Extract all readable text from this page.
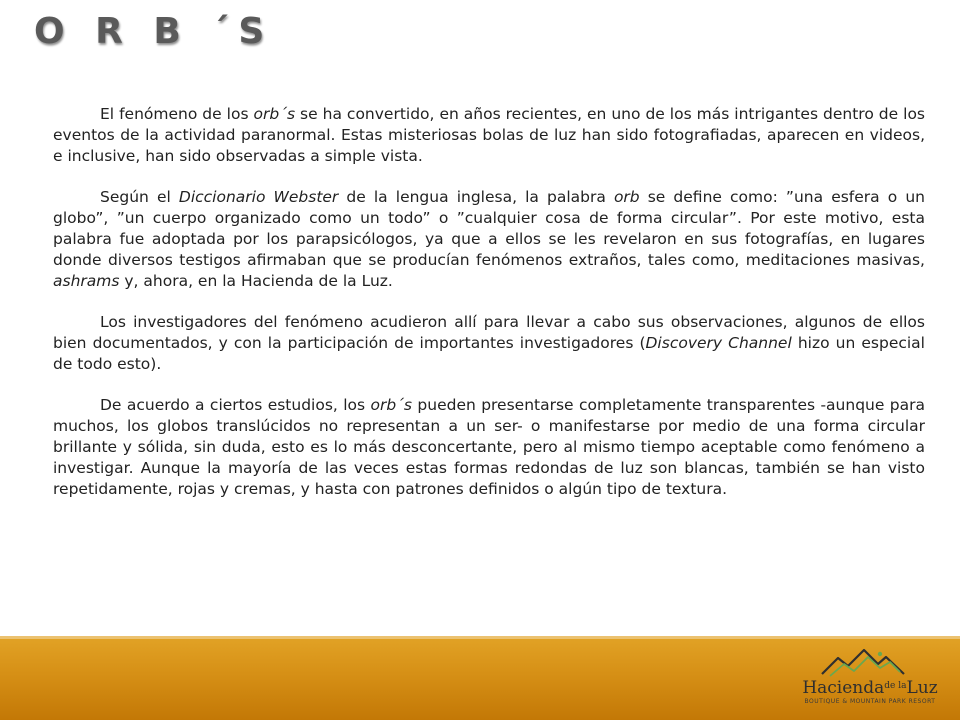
O R B ´S

El fenómeno de los orb´s se ha convertido, en años recientes, en uno de los más intrigantes dentro de los eventos de la actividad paranormal. Estas misteriosas bolas de luz han sido fotografiadas, aparecen en videos, e inclusive, han sido observadas a simple vista.

Según el Diccionario Webster de la lengua inglesa, la palabra orb se define como: ”una esfera o un globo”, ”un cuerpo organizado como un todo” o ”cualquier cosa de forma circular”. Por este motivo, esta palabra fue adoptada por los parapsicólogos, ya que a ellos se les revelaron en sus fotografías, en lugares donde diversos testigos afirmaban que se producían fenómenos extraños, tales como, meditaciones masivas, ashrams y, ahora, en la Hacienda de la Luz.

Los investigadores del fenómeno acudieron allí para llevar a cabo sus observaciones, algunos de ellos bien documentados, y con la participación de importantes investigadores (Discovery Channel hizo un especial de todo esto).

De acuerdo a ciertos estudios, los orb´s pueden presentarse completamente transparentes -aunque para muchos, los globos translúcidos no representan a un ser- o manifestarse por medio de una forma circular brillante y sólida, sin duda, esto es lo más desconcertante, pero al mismo tiempo aceptable como fenómeno a investigar. Aunque la mayoría de las veces estas formas redondas de luz son blancas, también se han visto repetidamente, rojas y cremas, y hasta con patrones definidos o algún tipo de textura.

Hacienda$^{de la}$Luz
BOUTIQUE & MOUNTAIN PARK RESORT
